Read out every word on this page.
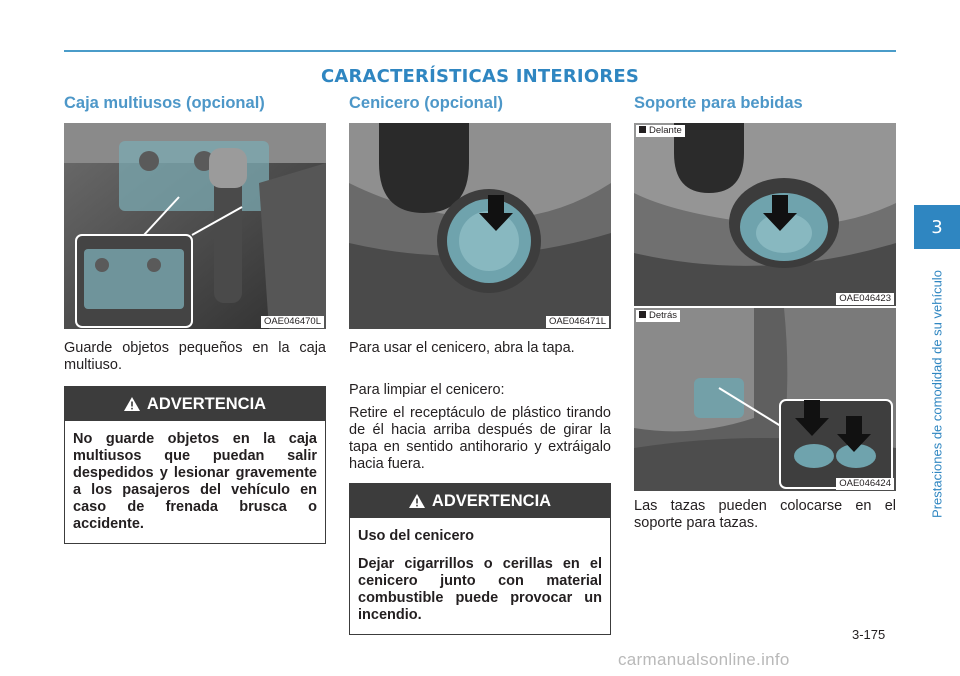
CARACTERÍSTICAS INTERIORES
Caja multiusos (opcional)
OAE046470L

Guarde objetos pequeños en la caja multiuso.

ADVERTENCIA

No guarde objetos en la caja multiusos que puedan salir despedidos y lesionar gravemente a los pasajeros del vehículo en caso de frenada brusca o accidente.

Cenicero (opcional)
OAE046471L

Para usar el cenicero, abra la tapa.

Para limpiar el cenicero:

Retire el receptáculo de plástico tirando de él hacia arriba después de girar la tapa en sentido antihorario y extráigalo hacia fuera.

ADVERTENCIA

Uso del cenicero

Dejar cigarrillos o cerillas en el cenicero junto con material combustible puede provocar un incendio.

Soporte para bebidas
Delante
OAE046423
Detrás
OAE046424

Las tazas pueden colocarse en el soporte para tazas.

3
Prestaciones de comodidad de su vehículo
3-175
carmanualsonline.info
